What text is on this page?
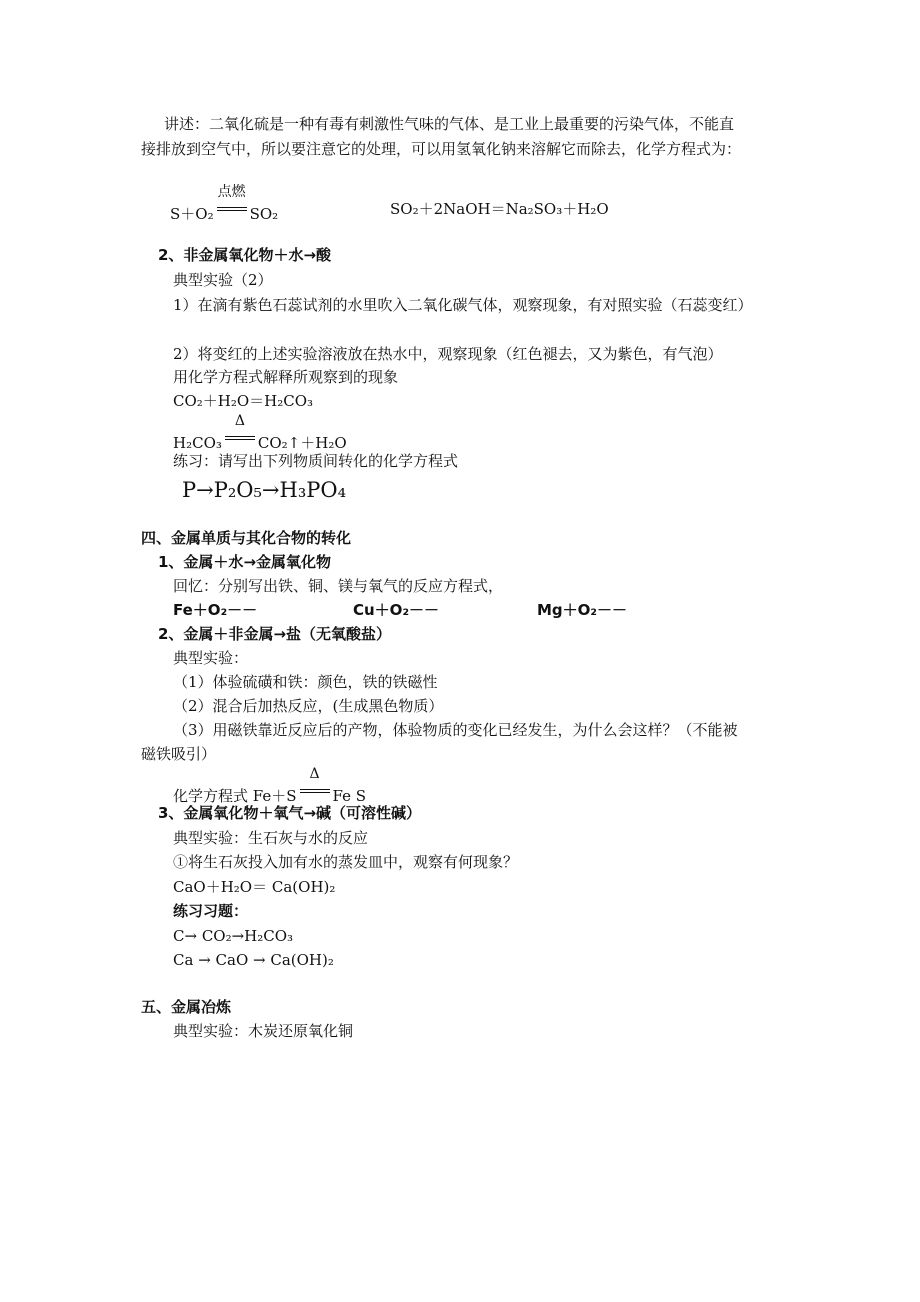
讲述：二氧化硫是一种有毒有刺激性气味的气体、是工业上最重要的污染气体，不能直
接排放到空气中，所以要注意它的处理，可以用氢氧化钠来溶解它而除去，化学方程式为：
S＋O₂
点燃
SO₂	SO₂＋2NaOH＝Na₂SO₃＋H₂O
2、非金属氧化物＋水→酸
典型实验（2）
1）在滴有紫色石蕊试剂的水里吹入二氧化碳气体，观察现象，有对照实验（石蕊变红）
2）将变红的上述实验溶液放在热水中，观察现象（红色褪去，又为紫色，有气泡）
用化学方程式解释所观察到的现象
CO₂＋H₂O＝H₂CO₃
H₂CO₃
Δ
CO₂↑＋H₂O
练习：请写出下列物质间转化的化学方程式
P→P₂O₅→H₃PO₄
四、金属单质与其化合物的转化
1、金属＋水→金属氧化物
回忆：分别写出铁、铜、镁与氧气的反应方程式，
Fe＋O₂－－	Cu＋O₂－－	Mg＋O₂－－
2、金属＋非金属→盐（无氧酸盐）
典型实验：
（1）体验硫磺和铁：颜色，铁的铁磁性
（2）混合后加热反应，(生成黑色物质）
（3）用磁铁靠近反应后的产物，体验物质的变化已经发生，为什么会这样？（不能被
磁铁吸引）
化学方程式 Fe＋S
Δ
Fe S
3、金属氧化物＋氧气→碱（可溶性碱）
典型实验：生石灰与水的反应
①将生石灰投入加有水的蒸发皿中，观察有何现象？
CaO＋H₂O＝ Ca(OH)₂
练习习题：
C→ CO₂→H₂CO₃
Ca → CaO → Ca(OH)₂
五、金属冶炼
典型实验：木炭还原氧化铜
